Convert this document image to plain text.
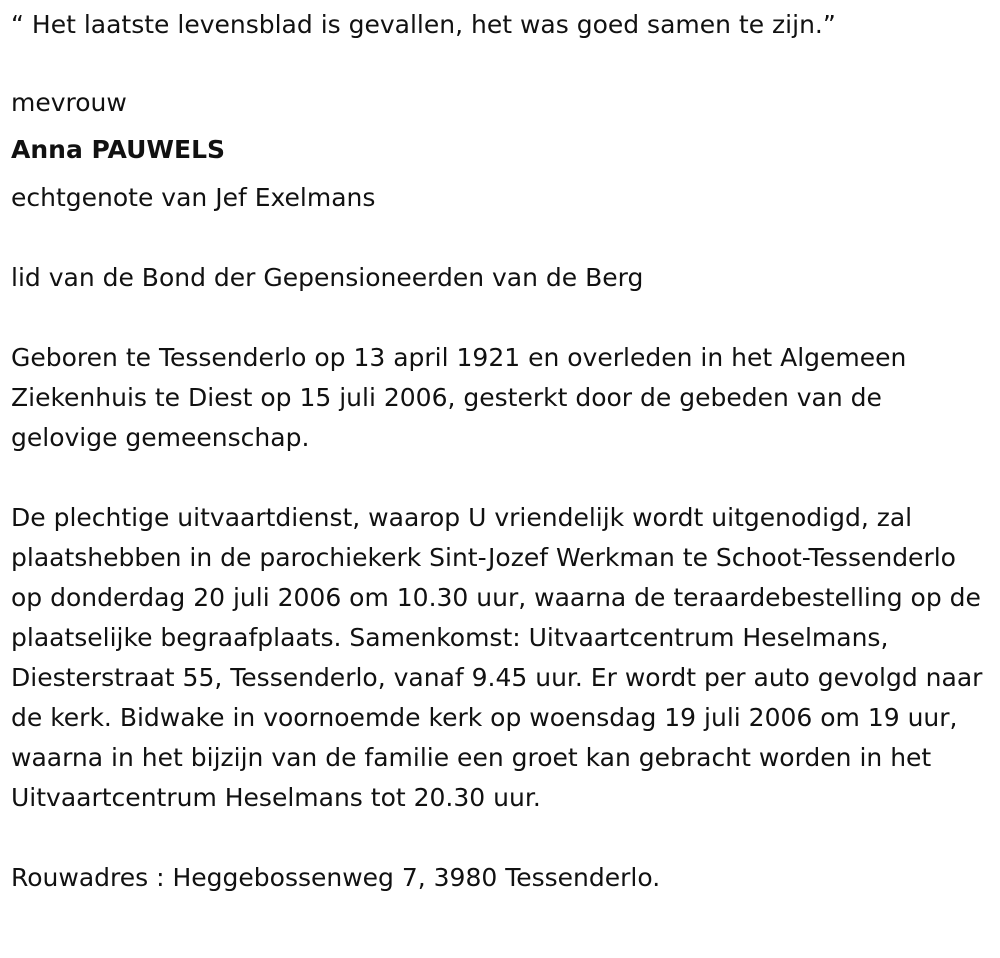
“ Het laatste levensblad is gevallen, het was goed samen te zijn.”

mevrouw

Anna PAUWELS

echtgenote van Jef Exelmans

lid van de Bond der Gepensioneerden van de Berg

Geboren te Tessenderlo op 13 april 1921 en overleden in het Algemeen Ziekenhuis te Diest op 15 juli 2006, gesterkt door de gebeden van de gelovige gemeenschap.

De plechtige uitvaartdienst, waarop U vriendelijk wordt uitgenodigd, zal plaatshebben in de parochiekerk Sint-Jozef Werkman te Schoot-Tessenderlo op donderdag 20 juli 2006 om 10.30 uur, waarna de teraardebestelling op de plaatselijke begraafplaats. Samenkomst: Uitvaartcentrum Heselmans, Diesterstraat 55, Tessenderlo, vanaf 9.45 uur. Er wordt per auto gevolgd naar de kerk. Bidwake in voornoemde kerk op woensdag 19 juli 2006 om 19 uur, waarna in het bijzijn van de familie een groet kan gebracht worden in het Uitvaartcentrum Heselmans tot 20.30 uur.

Rouwadres : Heggebossenweg 7, 3980 Tessenderlo.
